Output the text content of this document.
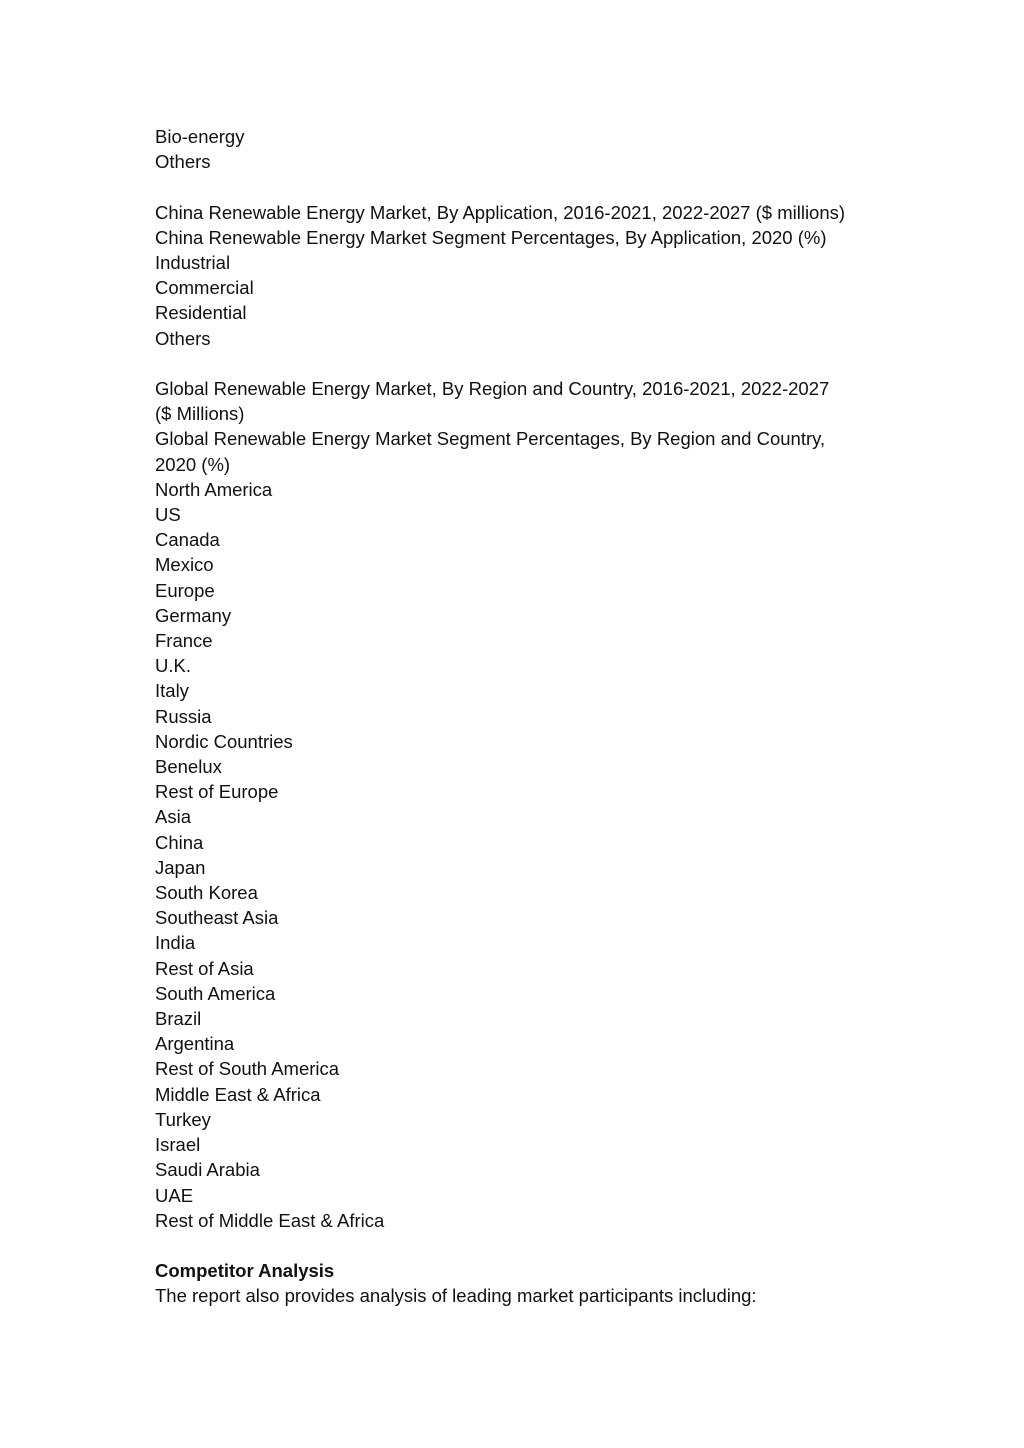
Bio-energy
Others
China Renewable Energy Market, By Application, 2016-2021, 2022-2027 ($ millions)
China Renewable Energy Market Segment Percentages, By Application, 2020 (%)
Industrial
Commercial
Residential
Others
Global Renewable Energy Market, By Region and Country, 2016-2021, 2022-2027
($ Millions)
Global Renewable Energy Market Segment Percentages, By Region and Country,
2020 (%)
North America
US
Canada
Mexico
Europe
Germany
France
U.K.
Italy
Russia
Nordic Countries
Benelux
Rest of Europe
Asia
China
Japan
South Korea
Southeast Asia
India
Rest of Asia
South America
Brazil
Argentina
Rest of South America
Middle East & Africa
Turkey
Israel
Saudi Arabia
UAE
Rest of Middle East & Africa
Competitor Analysis
The report also provides analysis of leading market participants including:
